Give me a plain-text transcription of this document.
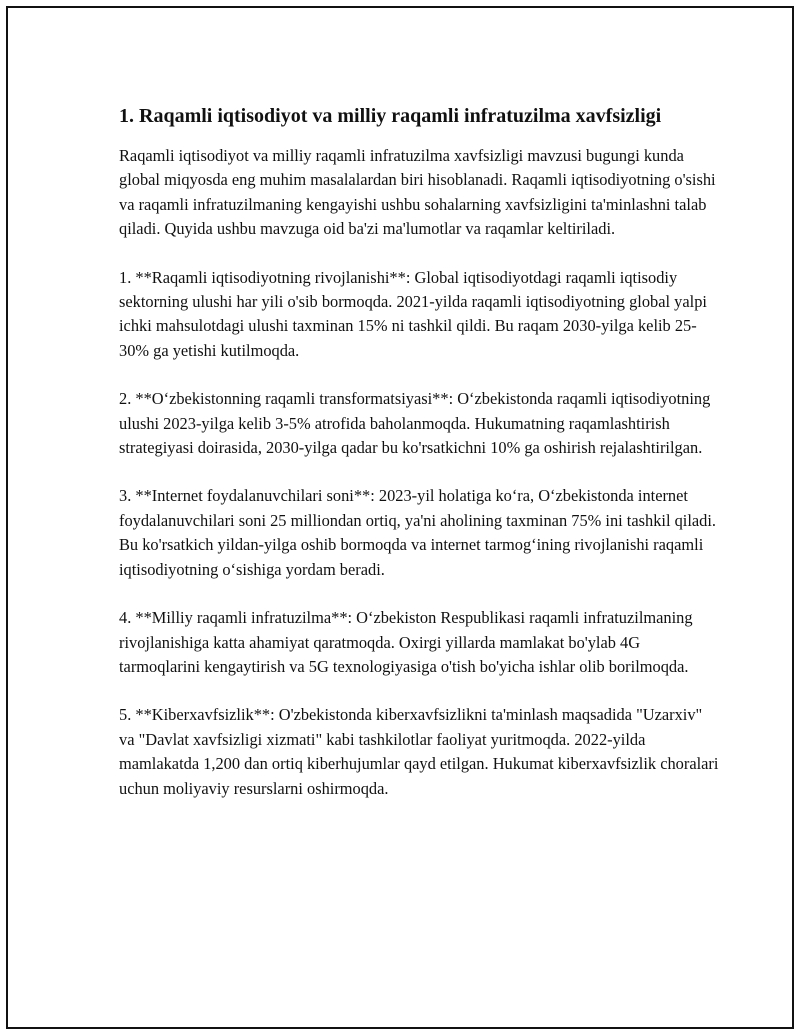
1. Raqamli iqtisodiyot va milliy raqamli infratuzilma xavfsizligi

Raqamli iqtisodiyot va milliy raqamli infratuzilma xavfsizligi mavzusi bugungi kunda global miqyosda eng muhim masalalardan biri hisoblanadi. Raqamli iqtisodiyotning o'sishi va raqamli infratuzilmaning kengayishi ushbu sohalarning xavfsizligini ta'minlashni talab qiladi. Quyida ushbu mavzuga oid ba'zi ma'lumotlar va raqamlar keltiriladi.

1. **Raqamli iqtisodiyotning rivojlanishi**: Global iqtisodiyotdagi raqamli iqtisodiy sektorning ulushi har yili o'sib bormoqda. 2021-yilda raqamli iqtisodiyotning global yalpi ichki mahsulotdagi ulushi taxminan 15% ni tashkil qildi. Bu raqam 2030-yilga kelib 25-30% ga yetishi kutilmoqda.

2. **O‘zbekistonning raqamli transformatsiyasi**: O‘zbekistonda raqamli iqtisodiyotning ulushi 2023-yilga kelib 3-5% atrofida baholanmoqda. Hukumatning raqamlashtirish strategiyasi doirasida, 2030-yilga qadar bu ko'rsatkichni 10% ga oshirish rejalashtirilgan.

3. **Internet foydalanuvchilari soni**: 2023-yil holatiga ko‘ra, O‘zbekistonda internet foydalanuvchilari soni 25 milliondan ortiq, ya'ni aholining taxminan 75% ini tashkil qiladi. Bu ko'rsatkich yildan-yilga oshib bormoqda va internet tarmog‘ining rivojlanishi raqamli iqtisodiyotning o‘sishiga yordam beradi.

4. **Milliy raqamli infratuzilma**: O‘zbekiston Respublikasi raqamli infratuzilmaning rivojlanishiga katta ahamiyat qaratmoqda. Oxirgi yillarda mamlakat bo'ylab 4G tarmoqlarini kengaytirish va 5G texnologiyasiga o'tish bo'yicha ishlar olib borilmoqda.

5. **Kiberxavfsizlik**: O'zbekistonda kiberxavfsizlikni ta'minlash maqsadida "Uzarxiv" va "Davlat xavfsizligi xizmati" kabi tashkilotlar faoliyat yuritmoqda. 2022-yilda mamlakatda 1,200 dan ortiq kiberhujumlar qayd etilgan. Hukumat kiberxavfsizlik choralari uchun moliyaviy resurslarni oshirmoqda.
